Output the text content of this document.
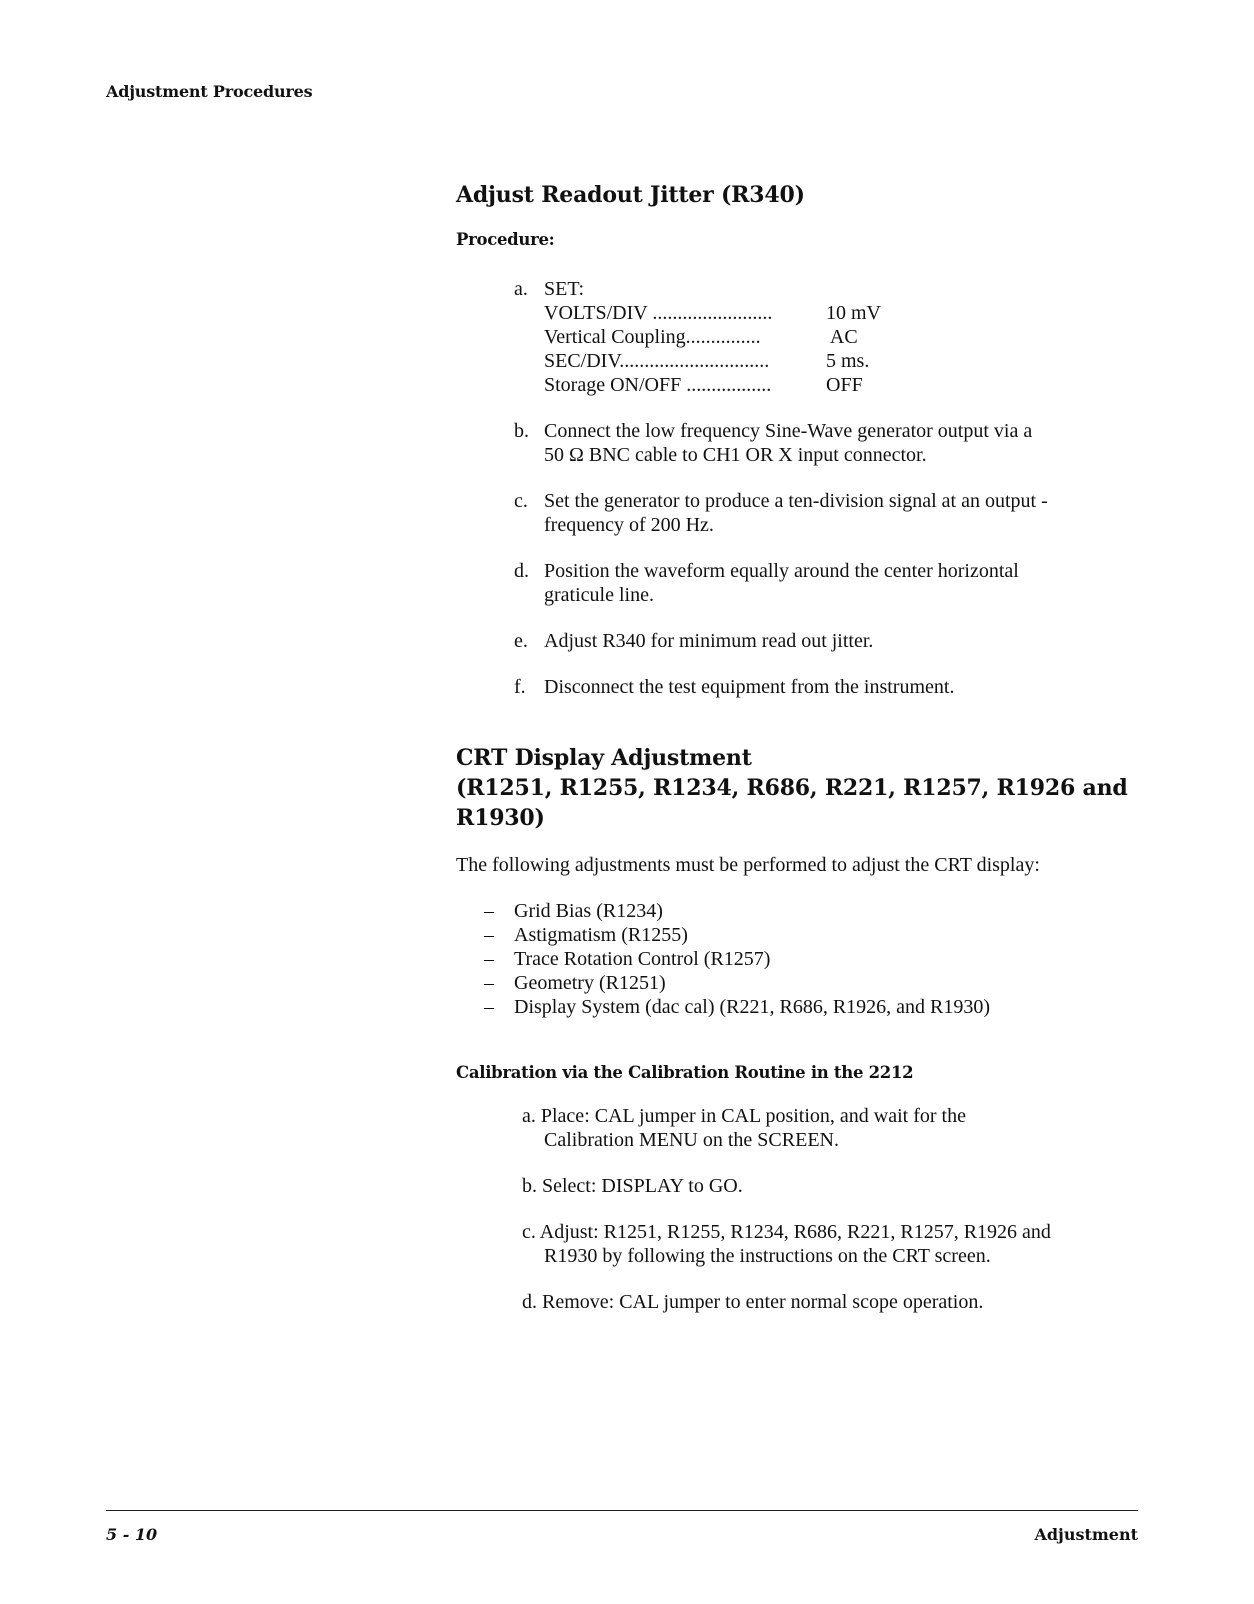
Adjustment Procedures
Adjust Readout Jitter (R340)
Procedure:
a. SET:
VOLTS/DIV ........................	10 mV
Vertical Coupling...............	AC
SEC/DIV..............................	5 ms.
Storage ON/OFF .................	OFF
b. Connect the low frequency Sine-Wave generator output via a
50 Ω BNC cable to CH1 OR X input connector.
c. Set the generator to produce a ten-division signal at an output -
frequency of 200 Hz.
d. Position the waveform equally around the center horizontal
graticule line.
e. Adjust R340 for minimum read out jitter.
f. Disconnect the test equipment from the instrument.
CRT Display Adjustment
(R1251, R1255, R1234, R686, R221, R1257, R1926 and R1930)
The following adjustments must be performed to adjust the CRT display:
– Grid Bias (R1234)
– Astigmatism (R1255)
– Trace Rotation Control (R1257)
– Geometry (R1251)
– Display System (dac cal) (R221, R686, R1926, and R1930)
Calibration via the Calibration Routine in the 2212
a. Place: CAL jumper in CAL position, and wait for the
Calibration MENU on the SCREEN.
b. Select: DISPLAY to GO.
c. Adjust: R1251, R1255, R1234, R686, R221, R1257, R1926 and
R1930 by following the instructions on the CRT screen.
d. Remove: CAL jumper to enter normal scope operation.
5 - 10	Adjustment
